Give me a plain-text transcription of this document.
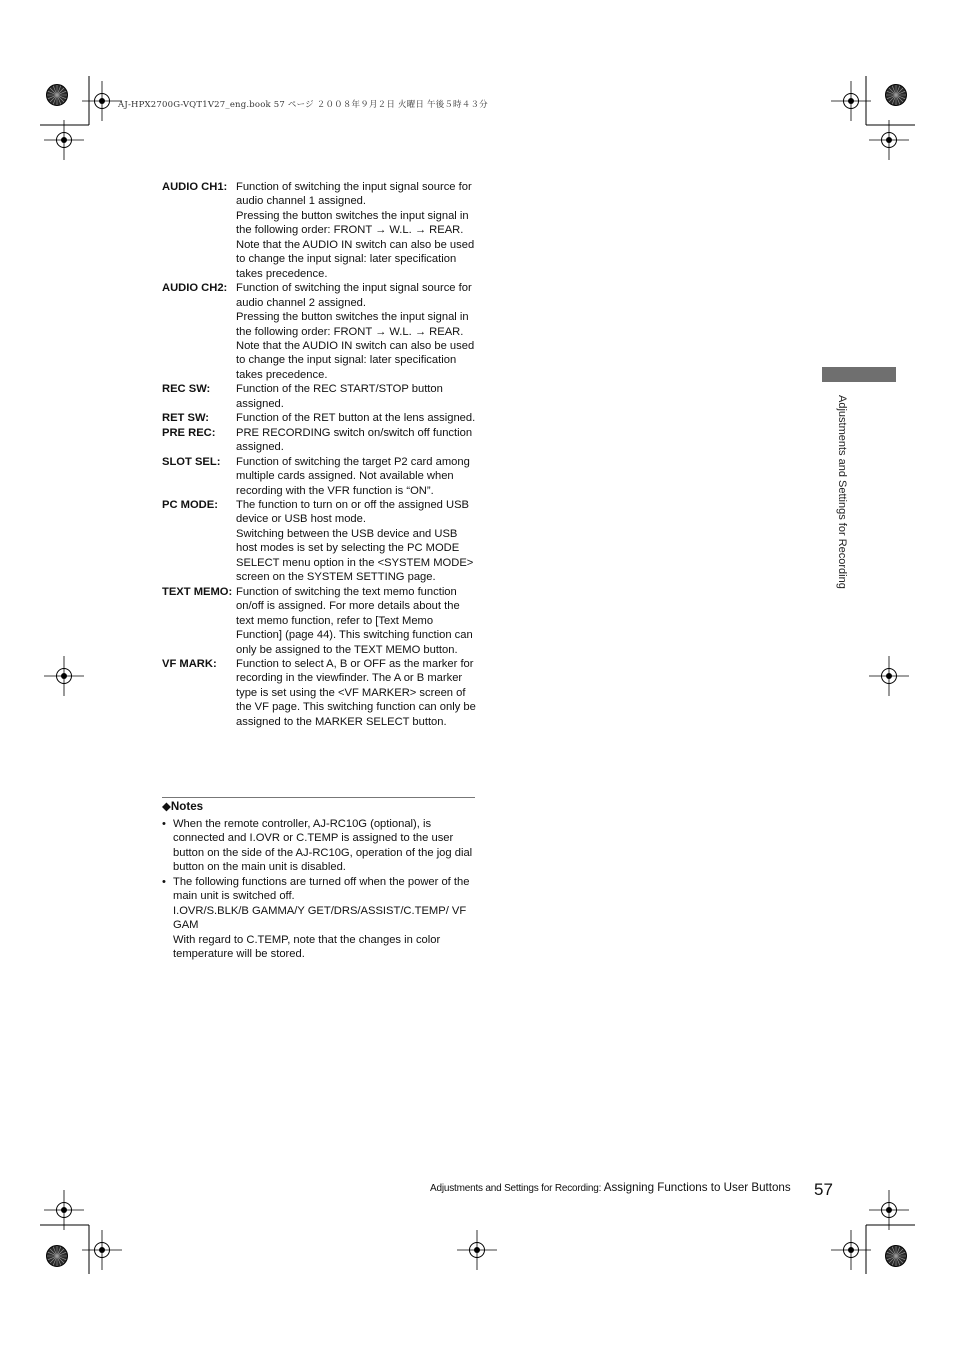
AJ-HPX2700G-VQT1V27_eng.book 57 ページ ２００８年９月２日 火曜日 午後５時４３分
AUDIO CH1: Function of switching the input signal source for audio channel 1 assigned.

Pressing the button switches the input signal in the following order: FRONT → W.L. → REAR. Note that the AUDIO IN switch can also be used to change the input signal: later specification takes precedence.

AUDIO CH2: Function of switching the input signal source for audio channel 2 assigned.

Pressing the button switches the input signal in the following order: FRONT → W.L. → REAR. Note that the AUDIO IN switch can also be used to change the input signal: later specification takes precedence.

REC SW:	Function of the REC START/STOP button assigned.

RET SW:	Function of the RET button at the lens assigned.

PRE REC:	PRE RECORDING switch on/switch off function assigned.

SLOT SEL:	Function of switching the target P2 card among multiple cards assigned. Not available when recording with the VFR function is “ON”.

PC MODE:	The function to turn on or off the assigned USB device or USB host mode.

Switching between the USB device and USB host modes is set by selecting the PC MODE SELECT menu option in the <SYSTEM MODE> screen on the SYSTEM SETTING page.

TEXT MEMO: Function of switching the text memo function on/off is assigned. For more details about the text memo function, refer to [Text Memo Function] (page 44). This switching function can only be assigned to the TEXT MEMO button.

VF MARK:	Function to select A, B or OFF as the marker for recording in the viewfinder. The A or B marker type is set using the <VF MARKER> screen of the VF page. This switching function can only be assigned to the MARKER SELECT button.

◆Notes
• When the remote controller, AJ-RC10G (optional), is connected and I.OVR or C.TEMP is assigned to the user button on the side of the AJ-RC10G, operation of the jog dial button on the main unit is disabled.

• The following functions are turned off when the power of the main unit is switched off.

I.OVR/S.BLK/B GAMMA/Y GET/DRS/ASSIST/C.TEMP/ VF GAM

With regard to C.TEMP, note that the changes in color temperature will be stored.

Adjustments and Settings for Recording
Adjustments and Settings for Recording: Assigning Functions to User Buttons 57
